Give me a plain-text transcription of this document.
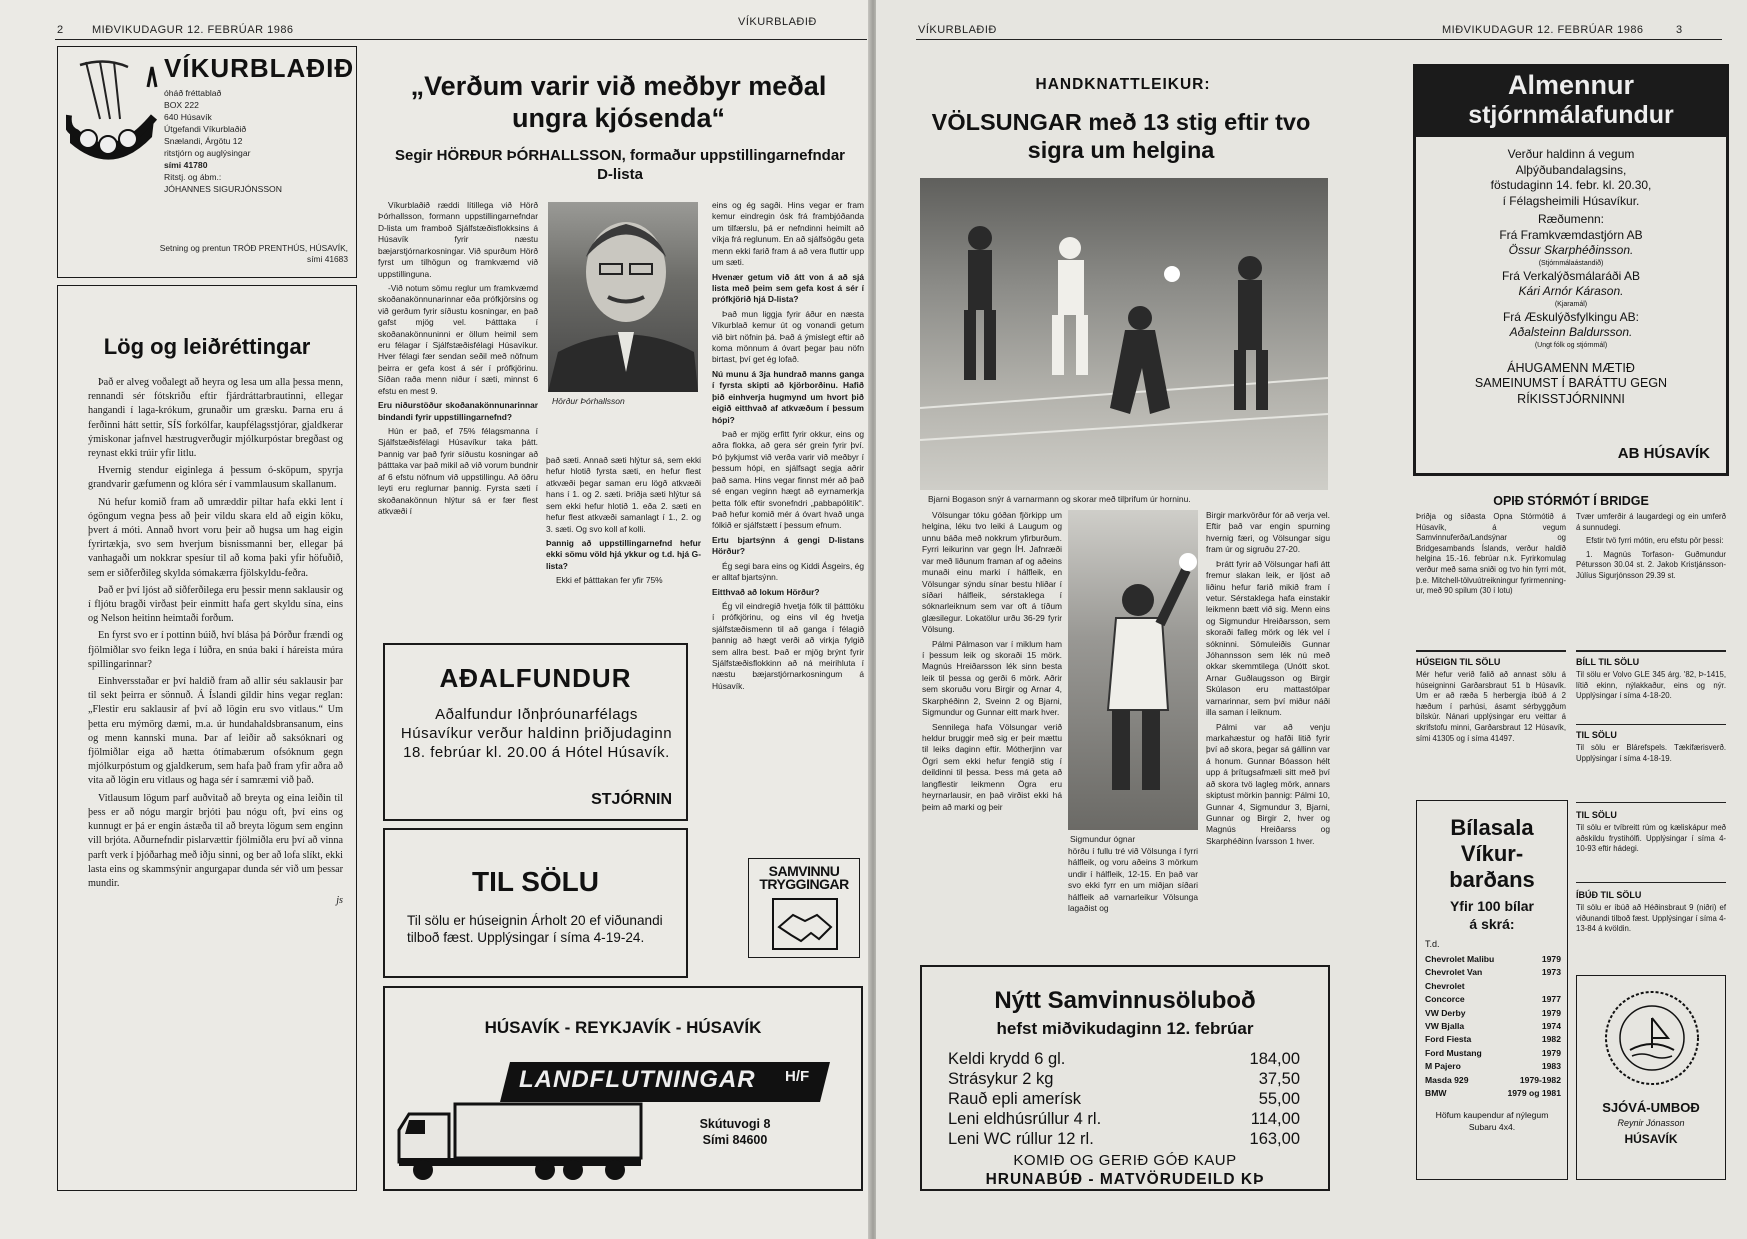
2	MIÐVIKUDAGUR 12. FEBRÚAR 1986
VÍKURBLAÐIÐ
VÍKURBLAÐIÐ
óháð fréttablað
BOX 222
640 Húsavík
Útgefandi Víkurblaðið
Snælandi, Árgötu 12
ritstjórn og auglýsingar
sími 41780
Ritstj. og ábm.:
JÓHANNES SIGURJÓNSSON
Setning og prentun TRÓÐ PRENTHÚS, HÚSAVÍK,
sími 41683
Lög og leiðréttingar

Það er alveg voðalegt að heyra og lesa um alla þessa menn, rennandi sér fótskriðu eftir fjárdráttarbrautinni, ellegar hangandi í laga-krókum, grunaðir um græsku. Þarna eru á ferðinni hátt settir, SÍS forkólfar, kaupfélagsstjórar, gjaldkerar ýmiskonar jafnvel hæstrugverðugir mjólkurpóstar bregðast og reynast ekki trúir yfir litlu.

Hvernig stendur eiginlega á þessum ó-sköpum, spyrja grandvarir gæfumenn og klóra sér í vammlausum skallanum.

Nú hefur komið fram að umræddir piltar hafa ekki lent í ógöngum vegna þess að þeir vildu skara eld að eigin köku, þvert á móti. Annað hvort voru þeir að hugsa um hag eigin fyrirtækja, svo sem hverjum bisnissmanni ber, ellegar þá vanhagaði um nokkrar spesíur til að koma þaki yfir höfuðið, sem er siðferðileg skylda sómakærra fjölskyldu-feðra.

Það er því ljóst að siðferðilega eru þessir menn saklausir og í fljótu bragði virðast þeir einmitt hafa gert skyldu sína, eins og Nelson heitinn heimtaði forðum.

En fyrst svo er í pottinn búið, hví blása þá Þórður frændi og fjölmiðlar svo feikn lega í lúðra, en snúa baki í háreista múra spillingarinnar?

Einhversstaðar er því haldið fram að allir séu saklausir þar til sekt þeirra er sönnuð. Á Íslandi gildir hins vegar reglan: „Flestir eru saklausir af því að lögin eru svo vitlaus.“ Um þetta eru mýmörg dæmi, m.a. úr hundahaldsbransanum, eins og menn kannski muna. Þar af leiðir að saksóknari og fjölmiðlar eiga að hætta ótímabærum ofsóknum gegn mjólkurpóstum og gjaldkerum, sem hafa það fram yfir aðra að vita að lögin eru vitlaus og haga sér í samræmi við það.

Vitlausum lögum parf auðvitað að breyta og eina leiðin til þess er að nógu margir brjóti þau nógu oft, því eins og kunnugt er þá er engin ástæða til að breyta lögum sem enginn vill brjóta. Aðurnefndir pislarvættir fjölmiðla eru því að vinna parft verk í þjóðarhag með iðju sinni, og ber að lofa slíkt, ekki lasta eins og skammsýnir angurgapar dunda sér við um þessar mundir.

js
„Verðum varir við meðbyr meðal ungra kjósenda“
Segir HÖRÐUR ÞÓRHALLSSON, formaður uppstillingarnefndar D-lista

Víkurblaðið ræddi lítillega við Hörð Þórhallsson, formann uppstillingarnefndar D-lista um framboð Sjálfstæðisflokksins á Húsavík fyrir næstu bæjarstjórnarkosningar. Við spurðum Hörð fyrst um tilhögun og framkvæmd við uppstillinguna.

-Við notum sömu reglur um framkvæmd skoðanakönnunarinnar eða prófkjörsins og við gerðum fyrir síðustu kosningar, en það gafst mjög vel. Þátttaka í skoðanakönnuninni er öllum heimil sem eru félagar í Sjálfstæðisfélagi Húsavíkur. Hver félagi fær sendan seðil með nöfnum þeirra er gefa kost á sér í prófkjörinu. Síðan raða menn niður í sæti, minnst 6 efstu en mest 9.

Eru niðurstöður skoðanakönnunarinnar bindandi fyrir uppstillingarnefnd?

Hún er það, ef 75% félagsmanna í Sjálfstæðisfélagi Húsavíkur taka þátt. Þannig var það fyrir síðustu kosningar að þátttaka var það mikil að við vorum bundnir af 6 efstu nöfnum við uppstillingu. Að öðru leyti eru reglurnar þannig. Fyrsta sæti í skoðanakönnun hlýtur sá er fær flest atkvæði í

Hörður Þórhallsson

það sæti. Annað sæti hlýtur sá, sem ekki hefur hlotið fyrsta sæti, en hefur flest atkvæði þegar saman eru lögð atkvæði hans í 1. og 2. sæti. Þriðja sæti hlýtur sá sem ekki hefur hlotið 1. eða 2. sæti en hefur flest atkvæði samanlagt í 1., 2. og 3. sæti. Og svo koll af kolli.

Þannig að uppstillingarnefnd hefur ekki sömu völd hjá ykkur og t.d. hjá G-lista?

Ekki ef þátttakan fer yfir 75%

eins og ég sagði. Hins vegar er fram kemur eindregin ósk frá frambjóðanda um tilfærslu, þá er nefndinni heimilt að víkja frá reglunum. En að sjálfsögðu geta menn ekki farið fram á að vera fluttir upp um sæti.

Hvenær getum við átt von á að sjá lista með þeim sem gefa kost á sér í prófkjörið hjá D-lista?

Það mun liggja fyrir áður en næsta Víkurblað kemur út og vonandi getum við birt nöfnin þá. Það á ýmislegt eftir að koma mönnum á óvart þegar þau nöfn birtast, því get ég lofað.

Nú munu á 3ja hundrað manns ganga í fyrsta skipti að kjörborðinu. Hafið þið einhverja hugmynd um hvort þið eigið eitthvað af atkvæðum í þessum hópi?

Það er mjög erfitt fyrir okkur, eins og aðra flokka, að gera sér grein fyrir því. Þó þykjumst við verða varir við meðbyr í þessum hópi, en sjálfsagt segja aðrir það sama. Hins vegar finnst mér að það sé engan veginn hægt að eyrnamerkja þetta fólk eftir svonefndri „pabbapólitík“. Það hefur komið mér á óvart hvað unga fólkið er sjálfstætt í þessum efnum.

Ertu bjartsýnn á gengi D-listans Hörður?

Ég segi bara eins og Kiddi Ásgeirs, ég er alltaf bjartsýnn.

Eitthvað að lokum Hörður?

Ég vil eindregið hvetja fólk til þátttöku í prófkjörinu, og eins vil ég hvetja sjálfstæðismenn til að ganga í félagið þannig að hægt verði að virkja fylgið sem allra best. Það er mjög brýnt fyrir Sjálfstæðisflokkinn að ná meirihluta í næstu bæjarstjórnarkosningum á Húsavík.

AÐALFUNDUR
Aðalfundur Iðnþróunarfélags Húsavíkur verður haldinn þriðjudaginn 18. febrúar kl. 20.00 á Hótel Húsavík.
STJÓRNIN
TIL SÖLU
Til sölu er húseignin Árholt 20 ef viðunandi tilboð fæst. Upplýsingar í síma 4-19-24.
SAMVINNU
TRYGGINGAR
HÚSAVÍK - REYKJAVÍK - HÚSAVÍK
LANDFLUTNINGAR H/F
Skútuvogi 8
Sími 84600
VÍKURBLAÐIÐ	MIÐVIKUDAGUR 12. FEBRÚAR 1986	3
HANDKNATTLEIKUR:
VÖLSUNGAR með 13 stig eftir tvo sigra um helgina
Bjarni Bogason snýr á varnarmann og skorar með tilþrifum úr horninu.

Völsungar tóku góðan fjörkipp um helgina, léku tvo leiki á Laugum og unnu báða með nokkrum yfirburðum. Fyrri leikurinn var gegn ÍH. Jafnræði var með liðunum framan af og aðeins munaði einu marki í hálfleik, en Völsungar sýndu sínar bestu hliðar í síðari hálfleik, sérstaklega í sóknarleiknum sem var oft á tíðum glæsilegur. Lokatölur urðu 36-29 fyrir Völsung.

Pálmi Pálmason var í miklum ham í þessum leik og skoraði 15 mörk. Magnús Hreiðarsson lék sinn besta leik til þessa og gerði 6 mörk. Aðrir sem skoruðu voru Birgir og Arnar 4, Skarphéðinn 2, Sveinn 2 og Bjarni, Sigmundur og Gunnar eitt mark hver.

Sennilega hafa Völsungar verið heldur bruggir með sig er þeir mættu til leiks daginn eftir. Mótherjinn var Ögri sem ekki hefur fengið stig í deildinni til þessa. Þess má geta að langflestir leikmenn Ögra eru heyrnarlausir, en það virðist ekki há þeim að marki og þeir

Sigmundur ógnar

hörðu í fullu tré við Völsunga í fyrri hálfleik, og voru aðeins 3 mörkum undir í hálfleik, 12-15. En það var svo ekki fyrr en um miðjan síðari hálfleik að varnarleikur Völsunga lagaðist og

Birgir markvörður fór að verja vel. Eftir það var engin spurning hvernig færi, og Völsungar sigu fram úr og sigruðu 27-20.

Þrátt fyrir að Völsungar hafi átt fremur slakan leik, er ljóst að liðinu hefur farið mikið fram í vetur. Sérstaklega hafa einstakir leikmenn bætt við sig. Menn eins og Sigmundur Hreiðarsson, sem skoraði falleg mörk og lék vel í sókninni. Sömuleiðis Gunnar Jóhannsson sem lék nú með okkar skemmtilega (Unótt skot. Arnar Guðlaugsson og Birgir Skúlason eru mattastólpar varnarinnar, sem því miður náði illa saman í leiknum.

Pálmi var að venju markahæstur og hafði litið fyrir því að skora, þegar sá gállinn var á honum. Gunnar Bóasson hélt upp á þrítugsafmæli sitt með því að skora tvö lagleg mörk, annars skiptust mörkin þannig: Pálmi 10, Gunnar 4, Sigmundur 3, Bjarni, Gunnar og Birgir 2, hver og Magnús Hreiðarss og Skarphéðinn Ívarsson 1 hver.

Nýtt Samvinnusöluboð
hefst miðvikudaginn 12. febrúar
Keldi krydd 6 gl.	184,00
Strásykur 2 kg	37,50
Rauð epli amerísk	55,00
Leni eldhúsrúllur 4 rl.	114,00
Leni WC rúllur 12 rl.	163,00
KOMIÐ OG GERIÐ GÓÐ KAUP
HRUNABÚÐ - MATVÖRUDEILD KÞ
Almennur
stjórnmálafundur
Verður haldinn á vegum
Alþýðubandalagsins,
föstudaginn 14. febr. kl. 20.30,
í Félagsheimili Húsavíkur.
Ræðumenn:
Frá Framkvæmdastjórn AB
Össur Skarphéðinsson.
(Stjórnmálaástandið)
Frá Verkalýðsmálaráði AB
Kári Arnór Kárason.
(Kjaramál)
Frá Æskulýðsfylkingu AB:
Aðalsteinn Baldursson.
(Ungt fólk og stjórnmál)
ÁHUGAMENN MÆTIÐ
SAMEINUMST Í BARÁTTU GEGN
RÍKISSTJÓRNINNI
AB HÚSAVÍK
OPIÐ STÓRMÓT Í BRIDGE

Þriðja og síðasta Opna Stórmótið á Húsavík, á vegum Samvinnuferða/Landsýnar og Bridgesambands Íslands, verður haldið helgina 15.-16. febrúar n.k. Fyrirkomulag verður með sama sniði og tvo hin fyrri mót, þ.e. Mitchell-tölvuútreikningur fyrirmenning-ur, með 90 spilum (30 í lotu)

Tvær umferðir á laugardegi og ein umferð á sunnudegi.

Efstir tvö fyrri mótin, eru efstu pör þessi:

1. Magnús Torfason- Guðmundur Pétursson 30.04 st. 2. Jakob Kristjánsson-Júlíus Sigurjónsson 29.39 st.

HÚSEIGN TIL SÖLU
Mér hefur verið falið að annast sölu á húseigninni Garðarsbraut 51 b Húsavík. Um er að ræða 5 herbergja íbúð á 2 hæðum í parhúsi, ásamt sérbyggðum bílskúr. Nánari upplýsingar eru veittar á skrifstofu minni, Garðarsbraut 12 Húsavík, sími 41305 og í síma 41497.
Bílasala
Víkur-
barðans
Yfir 100 bílar
á skrá:
T.d.
Chevrolet Malibu	1979
Chevrolet Van	1973
Chevrolet
Concorce	1977
VW Derby	1979
VW Bjalla	1974
Ford Fiesta	1982
Ford Mustang	1979
M Pajero	1983
Masda 929	1979-1982
BMW	1979 og 1981
Höfum kaupendur af nýlegum Subaru 4x4.
BÍLL TIL SÖLU
Til sölu er Volvo GLE 345 árg. '82, Þ-1415, lítið ekinn, nýlakkaður, eins og nýr. Upplýsingar í síma 4-18-20.
TIL SÖLU
Til sölu er Blárefspels. Tækifærisverð. Upplýsingar í síma 4-18-19.
TIL SÖLU
Til sölu er tvíbreitt rúm og kæliskápur með aðskildu frystihólfi. Upplýsingar í síma 4-10-93 eftir hádegi.
ÍBÚÐ TIL SÖLU
Til sölu er íbúð að Héðinsbraut 9 (niðri) ef viðunandi tilboð fæst. Upplýsingar í síma 4-13-84 á kvöldin.
SJÓVÁ-UMBOÐ
Reynir Jónasson
HÚSAVÍK
